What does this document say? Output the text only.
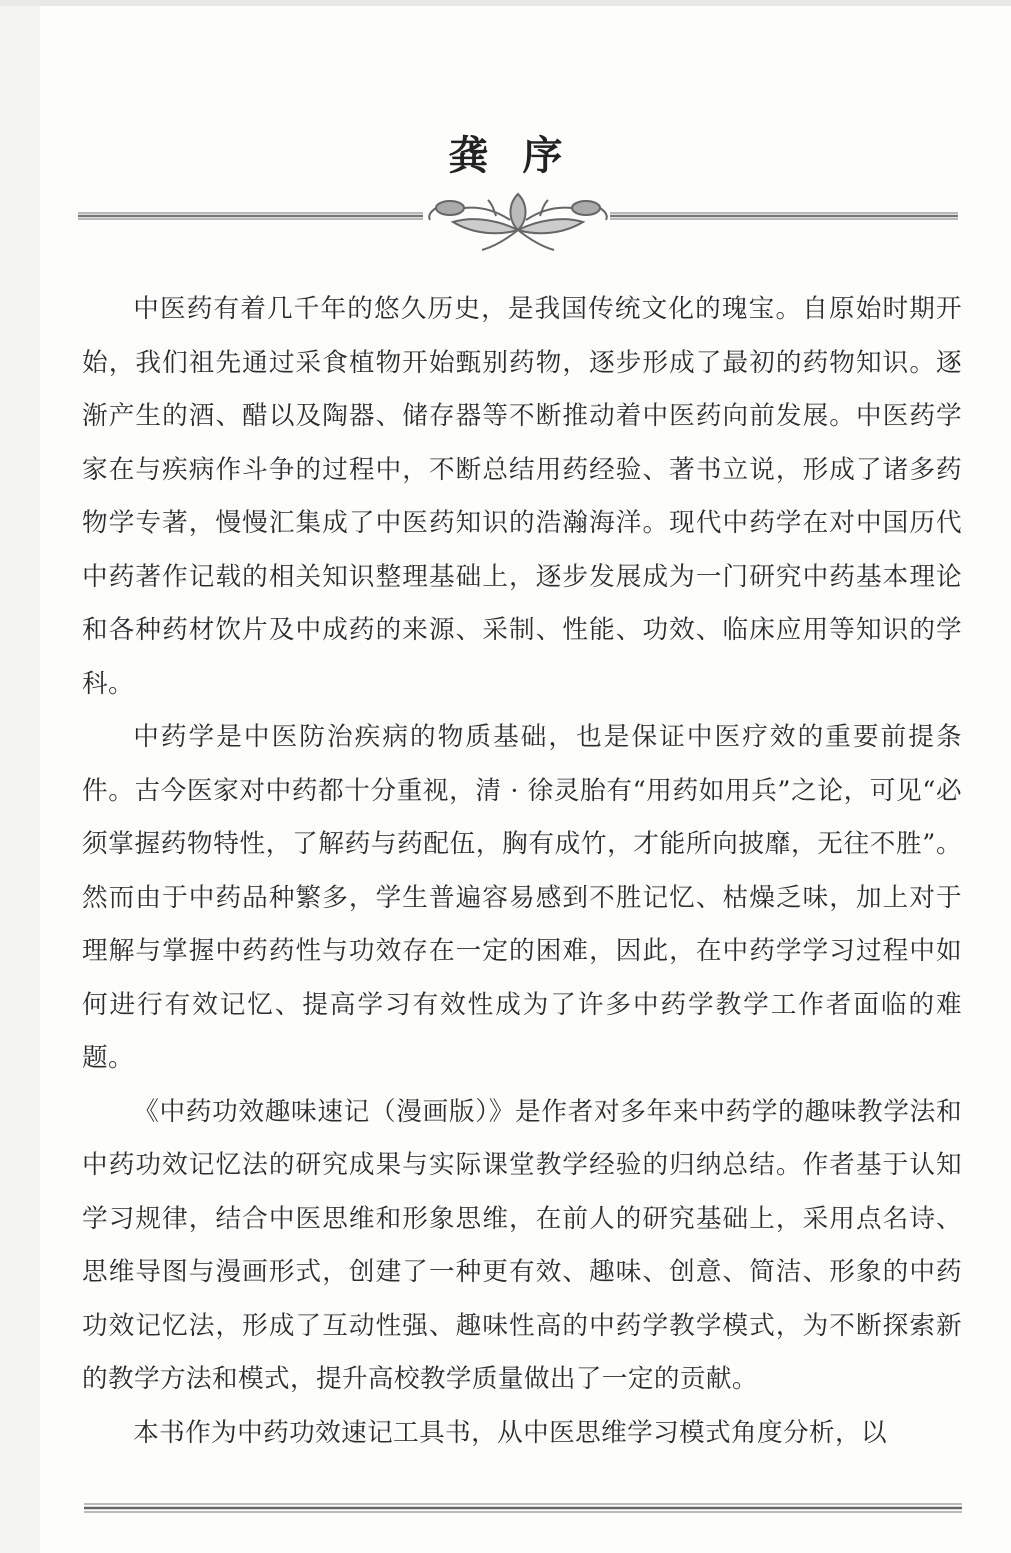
龚序

中医药有着几千年的悠久历史，是我国传统文化的瑰宝。自原始时期开始，我们祖先通过采食植物开始甄别药物，逐步形成了最初的药物知识。逐渐产生的酒、醋以及陶器、储存器等不断推动着中医药向前发展。中医药学家在与疾病作斗争的过程中，不断总结用药经验、著书立说，形成了诸多药物学专著，慢慢汇集成了中医药知识的浩瀚海洋。现代中药学在对中国历代中药著作记载的相关知识整理基础上，逐步发展成为一门研究中药基本理论和各种药材饮片及中成药的来源、采制、性能、功效、临床应用等知识的学科。

中药学是中医防治疾病的物质基础，也是保证中医疗效的重要前提条件。古今医家对中药都十分重视，清 · 徐灵胎有“用药如用兵”之论，可见“必须掌握药物特性，了解药与药配伍，胸有成竹，才能所向披靡，无往不胜”。然而由于中药品种繁多，学生普遍容易感到不胜记忆、枯燥乏味，加上对于理解与掌握中药药性与功效存在一定的困难，因此，在中药学学习过程中如何进行有效记忆、提高学习有效性成为了许多中药学教学工作者面临的难题。

《中药功效趣味速记（漫画版）》是作者对多年来中药学的趣味教学法和中药功效记忆法的研究成果与实际课堂教学经验的归纳总结。作者基于认知学习规律，结合中医思维和形象思维，在前人的研究基础上，采用点名诗、思维导图与漫画形式，创建了一种更有效、趣味、创意、简洁、形象的中药功效记忆法，形成了互动性强、趣味性高的中药学教学模式，为不断探索新的教学方法和模式，提升高校教学质量做出了一定的贡献。

本书作为中药功效速记工具书，从中医思维学习模式角度分析，以
